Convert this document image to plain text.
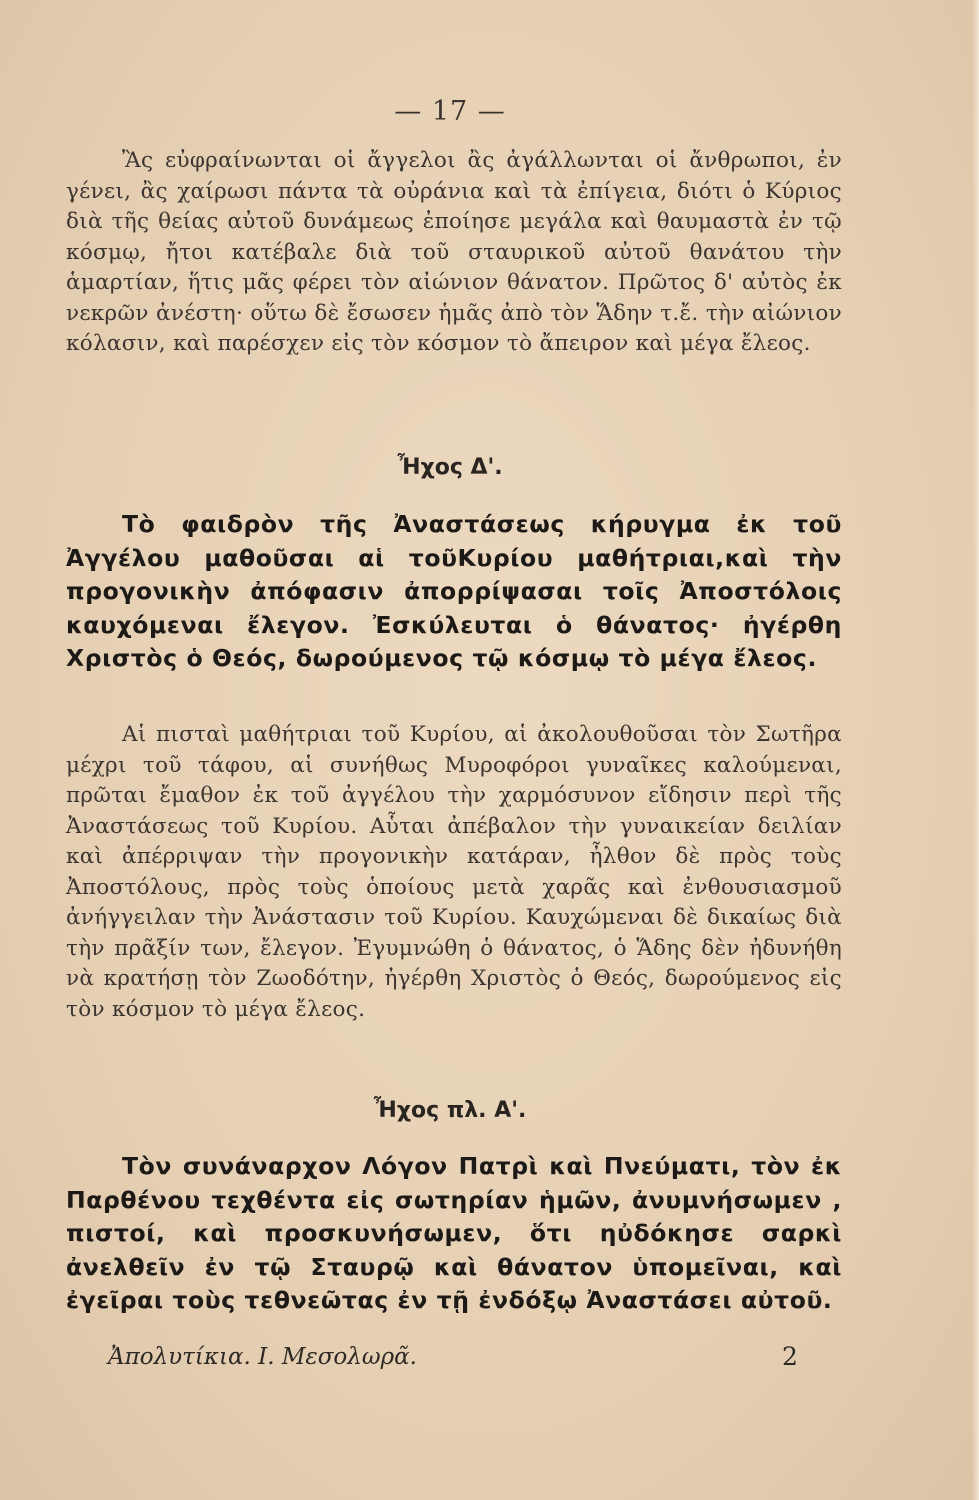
— 17 —

Ἂς εὐφραίνωνται οἱ ἄγγελοι ἂς ἀγάλλωνται οἱ ἄνθρωποι, ἐν γένει, ἂς χαίρωσι πάντα τὰ οὐράνια καὶ τὰ ἐπίγεια, διότι ὁ Κύριος διὰ τῆς θείας αὐτοῦ δυνάμεως ἐποίησε μεγάλα καὶ θαυμαστὰ ἐν τῷ κόσμῳ, ἤτοι κατέβαλε διὰ τοῦ σταυρικοῦ αὐτοῦ θανάτου τὴν ἁμαρτίαν, ἥτις μᾶς φέρει τὸν αἰώνιον θάνατον. Πρῶτος δ' αὐτὸς ἐκ νεκρῶν ἀνέστη· οὕτω δὲ ἔσωσεν ἡμᾶς ἀπὸ τὸν Ἅδην τ.ἔ. τὴν αἰώνιον κόλασιν, καὶ παρέσχεν εἰς τὸν κόσμον τὸ ἄπειρον καὶ μέγα ἔλεος.

Ἦχος Δ'.

Τὸ φαιδρὸν τῆς Ἀναστάσεως κήρυγμα ἐκ τοῦ Ἀγγέλου μαθοῦσαι αἱ τοῦΚυρίου μαθήτριαι,καὶ τὴν προγονικὴν ἀπόφασιν ἀπορρίψασαι τοῖς Ἀποστόλοις καυχόμεναι ἔλεγον. Ἐσκύλευται ὁ θάνατος· ἠγέρθη Χριστὸς ὁ Θεός, δωρούμενος τῷ κόσμῳ τὸ μέγα ἔλεος.

Αἱ πισταὶ μαθήτριαι τοῦ Κυρίου, αἱ ἀκολουθοῦσαι τὸν Σωτῆρα μέχρι τοῦ τάφου, αἱ συνήθως Μυροφόροι γυναῖκες καλούμεναι, πρῶται ἔμαθον ἐκ τοῦ ἀγγέλου τὴν χαρμόσυνον εἴδησιν περὶ τῆς Ἀναστάσεως τοῦ Κυρίου. Αὗται ἀπέβαλον τὴν γυναικείαν δειλίαν καὶ ἀπέρριψαν τὴν προγονικὴν κατάραν, ἦλθον δὲ πρὸς τοὺς Ἀποστόλους, πρὸς τοὺς ὁποίους μετὰ χαρᾶς καὶ ἐνθουσιασμοῦ ἀνήγγειλαν τὴν Ἀνάστασιν τοῦ Κυρίου. Καυχώμεναι δὲ δικαίως διὰ τὴν πρᾶξίν των, ἔλεγον. Ἐγυμνώθη ὁ θάνατος, ὁ Ἅδης δὲν ἠδυνήθη νὰ κρατήσῃ τὸν Ζωοδότην, ἠγέρθη Χριστὸς ὁ Θεός, δωρούμενος εἰς τὸν κόσμον τὸ μέγα ἔλεος.

Ἦχος πλ. Α'.

Τὸν συνάναρχον Λόγον Πατρὶ καὶ Πνεύματι, τὸν ἐκ Παρθένου τεχθέντα εἰς σωτηρίαν ἡμῶν, ἀνυμνήσωμεν , πιστοί, καὶ προσκυνήσωμεν, ὅτι ηὐδόκησε σαρκὶ ἀνελθεῖν ἐν τῷ Σταυρῷ καὶ θάνατον ὑπομεῖναι, καὶ ἐγεῖραι τοὺς τεθνεῶτας ἐν τῇ ἐνδόξῳ Ἀναστάσει αὐτοῦ.

Ἀπολυτίκια. Ι. Μεσολωρᾶ.	2
